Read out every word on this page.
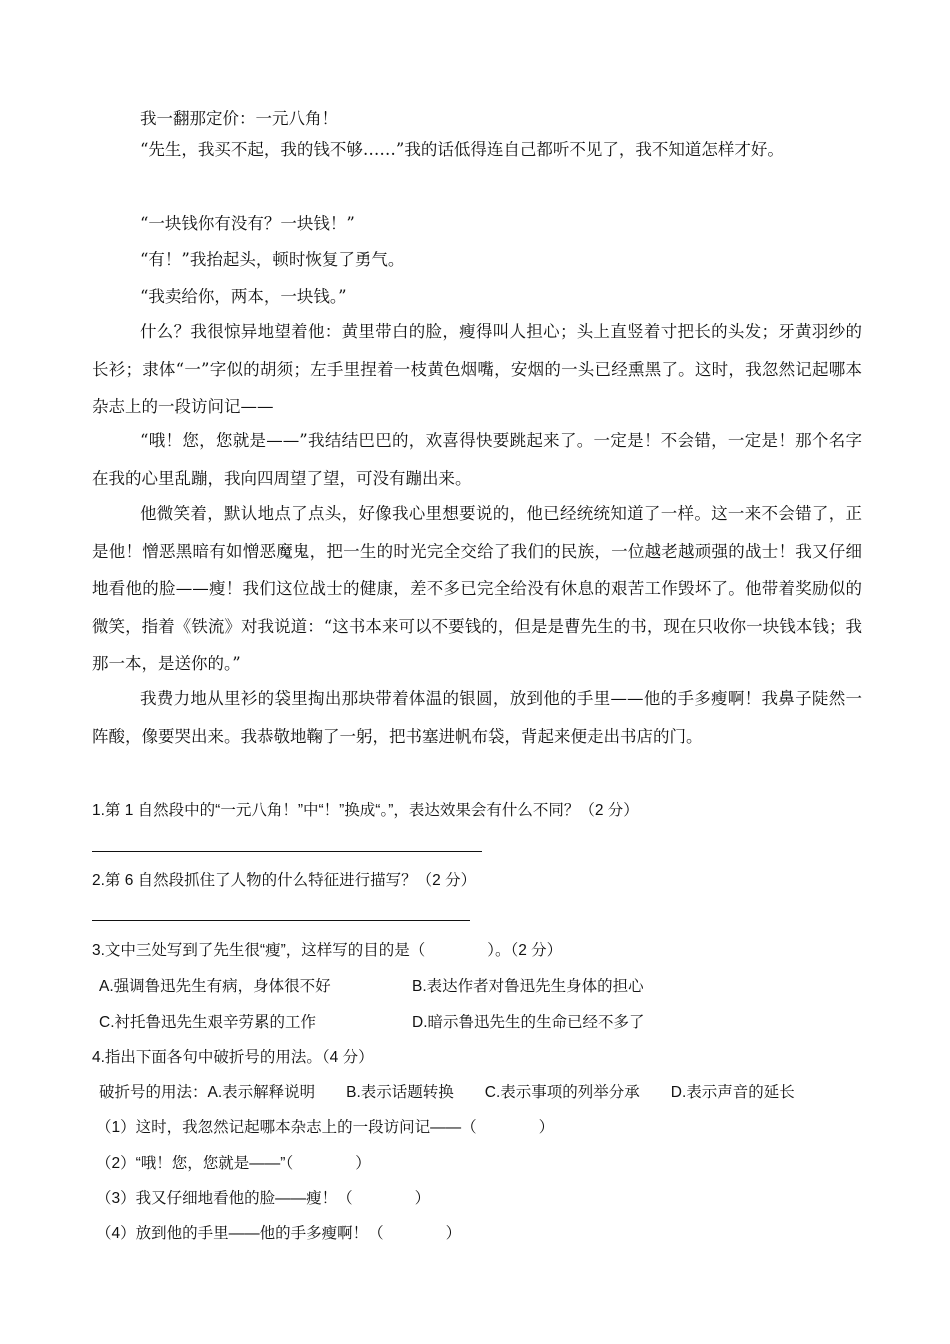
我一翻那定价：一元八角！

“先生，我买不起，我的钱不够……”我的话低得连自己都听不见了，我不知道怎样才好。

“一块钱你有没有？一块钱！”

“有！”我抬起头，顿时恢复了勇气。

“我卖给你，两本，一块钱。”

什么？我很惊异地望着他：黄里带白的脸，瘦得叫人担心；头上直竖着寸把长的头发；牙黄羽纱的长衫；隶体“一”字似的胡须；左手里捏着一枝黄色烟嘴，安烟的一头已经熏黑了。这时，我忽然记起哪本杂志上的一段访问记——

“哦！您，您就是——”我结结巴巴的，欢喜得快要跳起来了。一定是！不会错，一定是！那个名字在我的心里乱蹦，我向四周望了望，可没有蹦出来。

他微笑着，默认地点了点头，好像我心里想要说的，他已经统统知道了一样。这一来不会错了，正是他！憎恶黑暗有如憎恶魔鬼，把一生的时光完全交给了我们的民族，一位越老越顽强的战士！我又仔细地看他的脸——瘦！我们这位战士的健康，差不多已完全给没有休息的艰苦工作毁坏了。他带着奖励似的微笑，指着《铁流》对我说道：“这书本来可以不要钱的，但是是曹先生的书，现在只收你一块钱本钱；我那一本，是送你的。”

我费力地从里衫的袋里掏出那块带着体温的银圆，放到他的手里——他的手多瘦啊！我鼻子陡然一阵酸，像要哭出来。我恭敬地鞠了一躬，把书塞进帆布袋，背起来便走出书店的门。

1.第 1 自然段中的“一元八角！”中“！”换成“。”，表达效果会有什么不同？（2 分）

2.第 6 自然段抓住了人物的什么特征进行描写？（2 分）

3.文中三处写到了先生很“瘦”，这样写的目的是（　　　　）。（2 分）

A.强调鲁迅先生有病，身体很不好	B.表达作者对鲁迅先生身体的担心

C.衬托鲁迅先生艰辛劳累的工作	D.暗示鲁迅先生的生命已经不多了

4.指出下面各句中破折号的用法。（4 分）

破折号的用法：A.表示解释说明　　B.表示话题转换　　C.表示事项的列举分承　　D.表示声音的延长

（1）这时，我忽然记起哪本杂志上的一段访问记——（　　　　）

（2）“哦！您，您就是——”（　　　　）

（3）我又仔细地看他的脸——瘦！（　　　　）

（4）放到他的手里——他的手多瘦啊！（　　　　）
